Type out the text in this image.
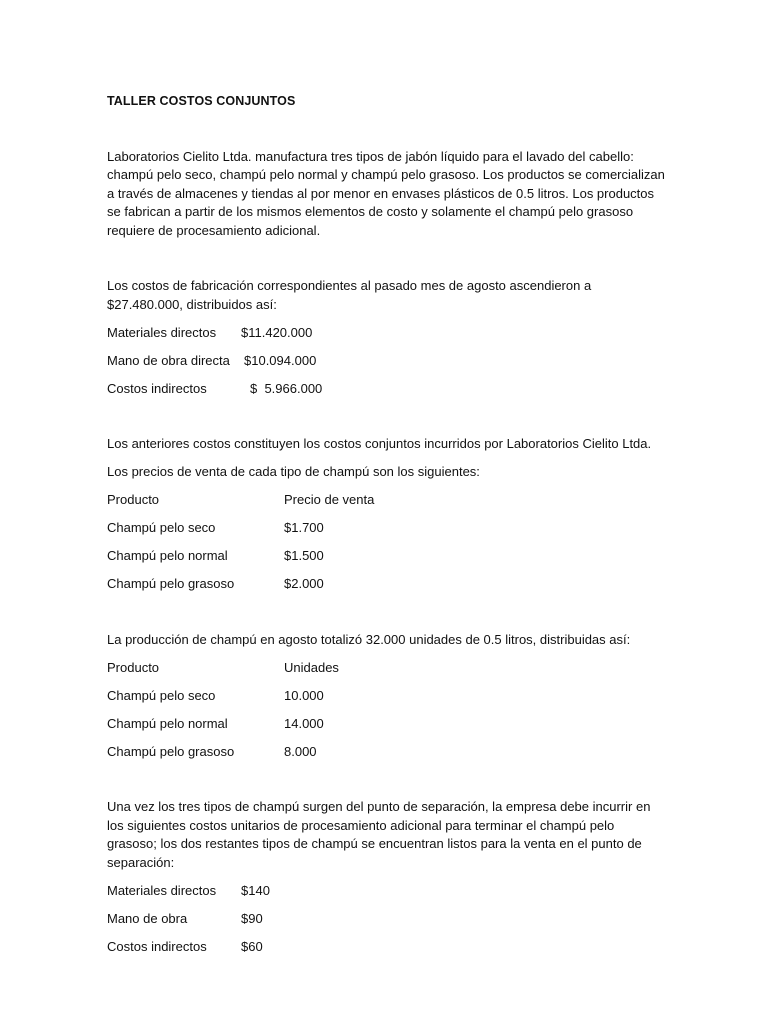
TALLER COSTOS CONJUNTOS
Laboratorios Cielito Ltda. manufactura tres tipos de jabón líquido para el lavado del cabello: champú pelo seco, champú pelo normal y champú pelo grasoso. Los productos se comercializan a través de almacenes y tiendas al por menor en envases plásticos de 0.5 litros. Los productos se fabrican a partir de los mismos elementos de costo y solamente el champú pelo grasoso requiere de procesamiento adicional.
Los costos de fabricación correspondientes al pasado mes de agosto ascendieron a $27.480.000, distribuidos así:
Materiales directos	$11.420.000
Mano de obra directa	$10.094.000
Costos indirectos	$  5.966.000
Los anteriores costos constituyen los costos conjuntos incurridos por Laboratorios Cielito Ltda.
Los precios de venta de cada tipo de champú son los siguientes:
Producto	Precio de venta
Champú pelo seco	$1.700
Champú pelo normal	$1.500
Champú pelo grasoso	$2.000
La producción de champú en agosto totalizó 32.000 unidades de 0.5 litros, distribuidas así:
Producto	Unidades
Champú pelo seco	10.000
Champú pelo normal	14.000
Champú pelo grasoso	8.000
Una vez los tres tipos de champú surgen del punto de separación, la empresa debe incurrir en los siguientes costos unitarios de procesamiento adicional para terminar el champú pelo grasoso; los dos restantes tipos de champú se encuentran listos para la venta en el punto de separación:
Materiales directos	$140
Mano de obra	$90
Costos indirectos	$60
